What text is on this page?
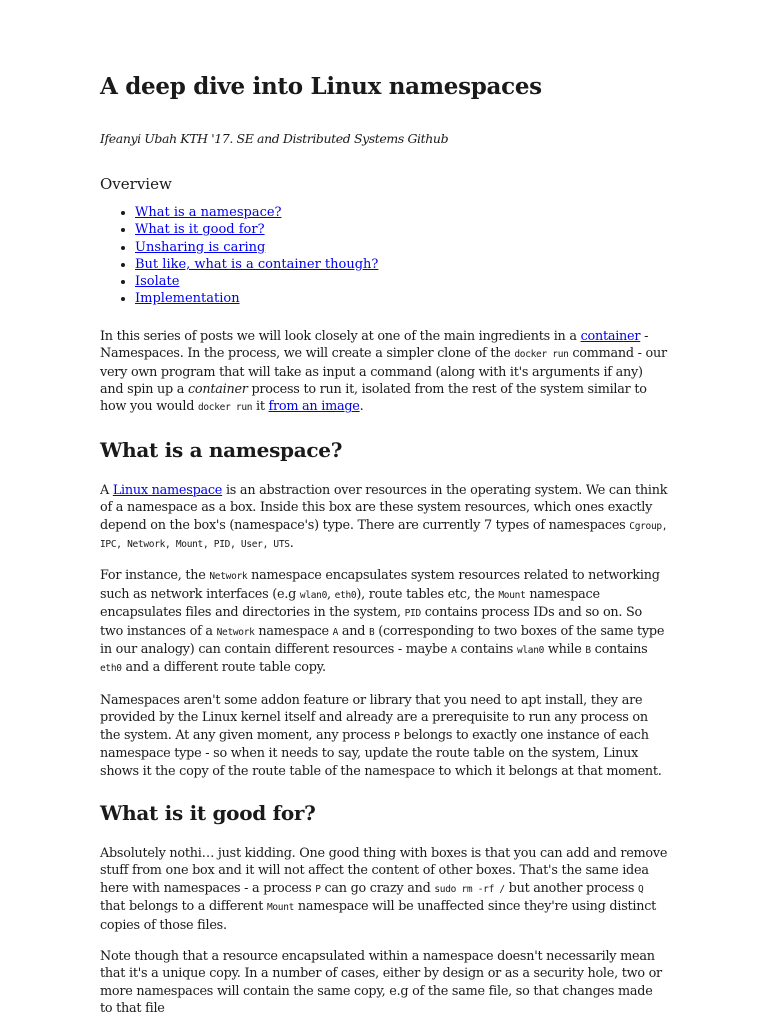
A deep dive into Linux namespaces
Ifeanyi Ubah KTH '17. SE and Distributed Systems Github
Overview
• What is a namespace?
• What is it good for?
• Unsharing is caring
• But like, what is a container though?
• Isolate
• Implementation

In this series of posts we will look closely at one of the main ingredients in a container - Namespaces. In the process, we will create a simpler clone of the docker run command - our very own program that will take as input a command (along with it's arguments if any) and spin up a container process to run it, isolated from the rest of the system similar to how you would docker run it from an image.

What is a namespace?

A Linux namespace is an abstraction over resources in the operating system. We can think of a namespace as a box. Inside this box are these system resources, which ones exactly depend on the box's (namespace's) type. There are currently 7 types of namespaces Cgroup, IPC, Network, Mount, PID, User, UTS.

For instance, the Network namespace encapsulates system resources related to networking such as network interfaces (e.g wlan0, eth0), route tables etc, the Mount namespace encapsulates files and directories in the system, PID contains process IDs and so on. So two instances of a Network namespace A and B (corresponding to two boxes of the same type in our analogy) can contain different resources - maybe A contains wlan0 while B contains eth0 and a different route table copy.

Namespaces aren't some addon feature or library that you need to apt install, they are provided by the Linux kernel itself and already are a prerequisite to run any process on the system. At any given moment, any process P belongs to exactly one instance of each namespace type - so when it needs to say, update the route table on the system, Linux shows it the copy of the route table of the namespace to which it belongs at that moment.

What is it good for?

Absolutely nothi… just kidding. One good thing with boxes is that you can add and remove stuff from one box and it will not affect the content of other boxes. That's the same idea here with namespaces - a process P can go crazy and sudo rm -rf / but another process Q that belongs to a different Mount namespace will be unaffected since they're using distinct copies of those files.

Note though that a resource encapsulated within a namespace doesn't necessarily mean that it's a unique copy. In a number of cases, either by design or as a security hole, two or more namespaces will contain the same copy, e.g of the same file, so that changes made to that file
